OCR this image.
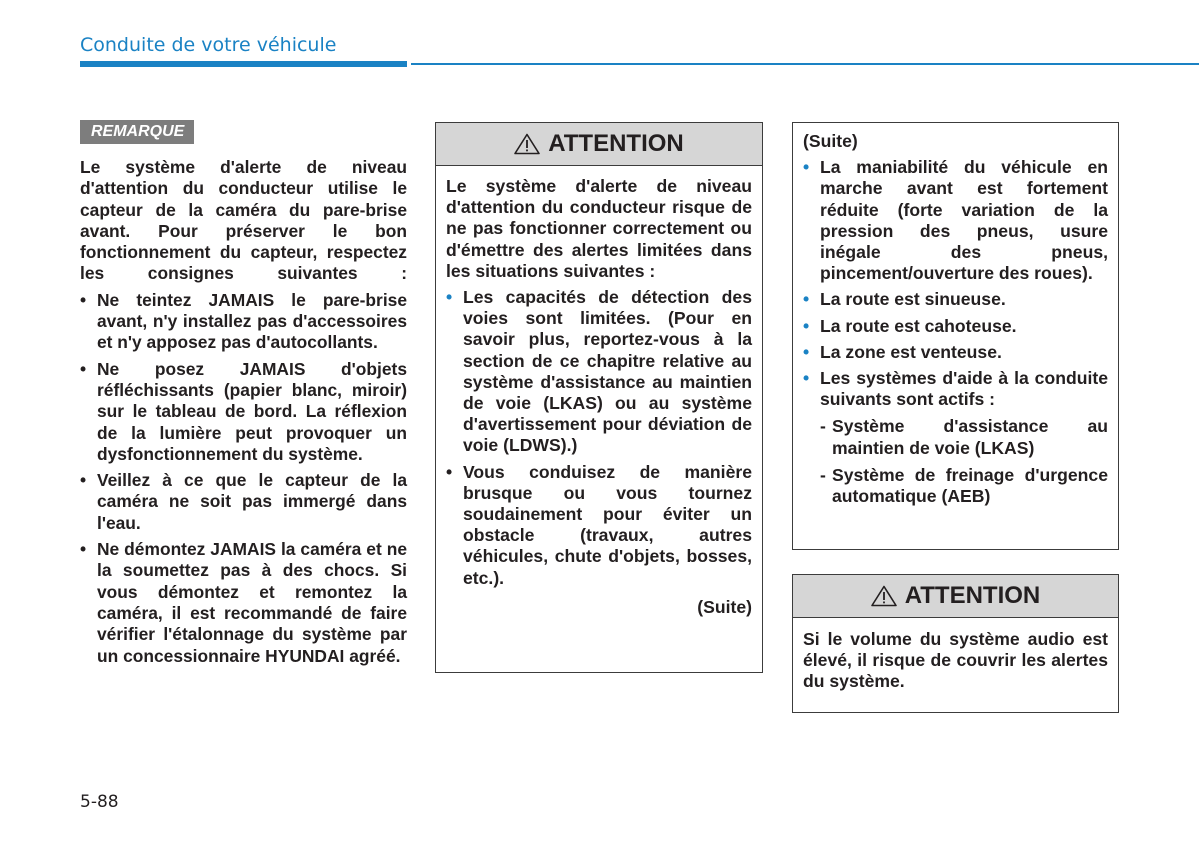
Conduite de votre véhicule
REMARQUE

Le système d'alerte de niveau d'attention du conducteur utilise le capteur de la caméra du pare-brise avant. Pour préserver le bon fonctionnement du capteur, respectez les consignes suivantes :

• Ne teintez JAMAIS le pare-brise avant, n'y installez pas d'accessoires et n'y apposez pas d'autocollants.
• Ne posez JAMAIS d'objets réfléchissants (papier blanc, miroir) sur le tableau de bord. La réflexion de la lumière peut provoquer un dysfonctionnement du système.
• Veillez à ce que le capteur de la caméra ne soit pas immergé dans l'eau.
• Ne démontez JAMAIS la caméra et ne la soumettez pas à des chocs. Si vous démontez et remontez la caméra, il est recommandé de faire vérifier l'étalonnage du système par un concessionnaire HYUNDAI agréé.
ATTENTION

Le système d'alerte de niveau d'attention du conducteur risque de ne pas fonctionner correctement ou d'émettre des alertes limitées dans les situations suivantes :

• Les capacités de détection des voies sont limitées. (Pour en savoir plus, reportez-vous à la section de ce chapitre relative au système d'assistance au maintien de voie (LKAS) ou au système d'avertissement pour déviation de voie (LDWS).)
• Vous conduisez de manière brusque ou vous tournez soudainement pour éviter un obstacle (travaux, autres véhicules, chute d'objets, bosses, etc.).
(Suite)
(Suite)
• La maniabilité du véhicule en marche avant est fortement réduite (forte variation de la pression des pneus, usure inégale des pneus, pincement/ouverture des roues).
• La route est sinueuse.
• La route est cahoteuse.
• La zone est venteuse.
• Les systèmes d'aide à la conduite suivants sont actifs :
- Système d'assistance au maintien de voie (LKAS)
- Système de freinage d'urgence automatique (AEB)
ATTENTION

Si le volume du système audio est élevé, il risque de couvrir les alertes du système.

5-88
